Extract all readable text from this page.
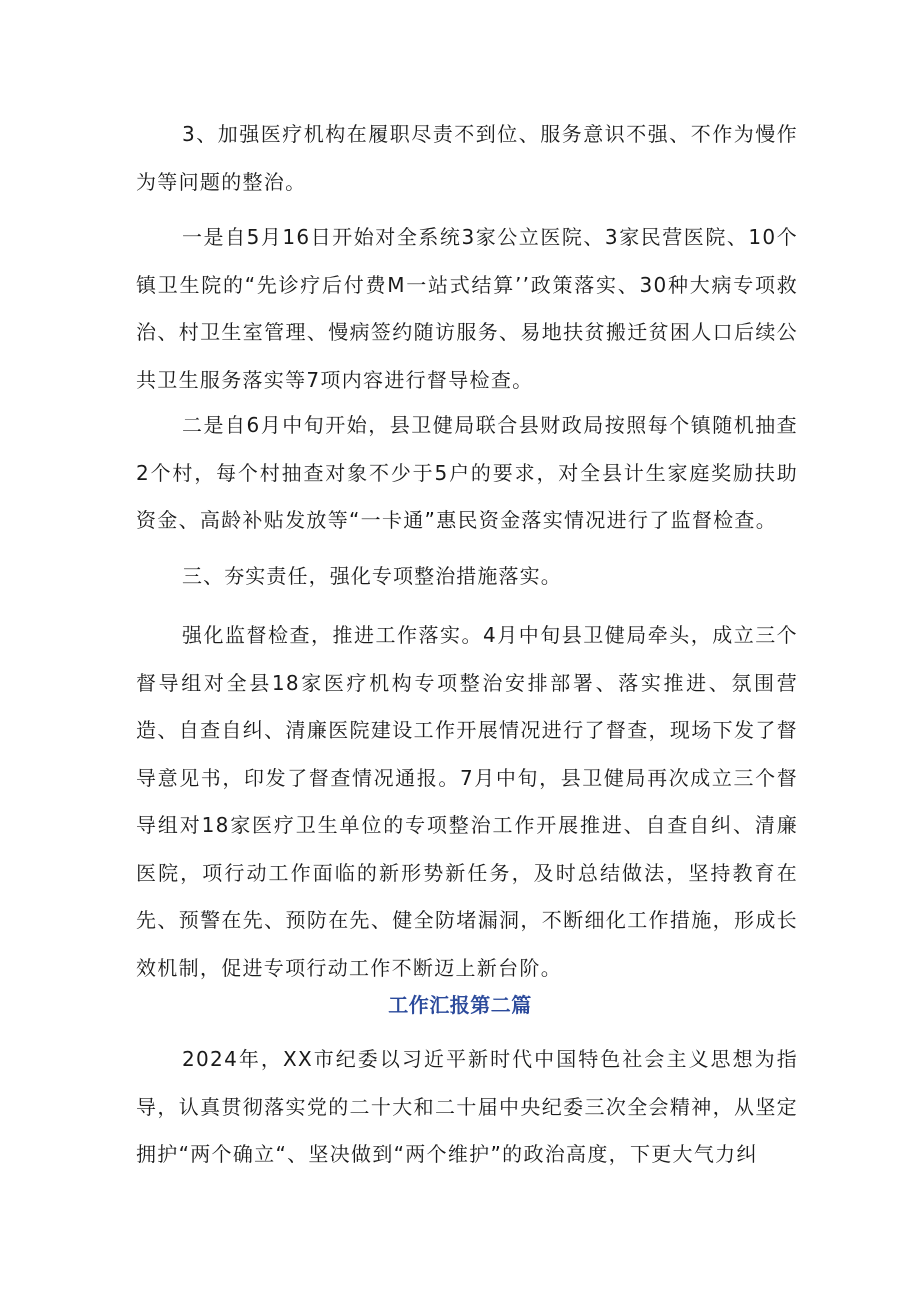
3、加强医疗机构在履职尽责不到位、服务意识不强、不作为慢作为等问题的整治。

一是自5月16日开始对全系统3家公立医院、3家民营医院、10个镇卫生院的“先诊疗后付费M一站式结算’’政策落实、30种大病专项救治、村卫生室管理、慢病签约随访服务、易地扶贫搬迁贫困人口后续公共卫生服务落实等7项内容进行督导检查。

二是自6月中旬开始，县卫健局联合县财政局按照每个镇随机抽查2个村，每个村抽查对象不少于5户的要求，对全县计生家庭奖励扶助资金、高龄补贴发放等“一卡通”惠民资金落实情况进行了监督检查。

三、夯实责任，强化专项整治措施落实。

强化监督检查，推进工作落实。4月中旬县卫健局牵头，成立三个督导组对全县18家医疗机构专项整治安排部署、落实推进、氛围营造、自查自纠、清廉医院建设工作开展情况进行了督查，现场下发了督导意见书，印发了督查情况通报。7月中旬，县卫健局再次成立三个督导组对18家医疗卫生单位的专项整治工作开展推进、自查自纠、清廉医院，项行动工作面临的新形势新任务，及时总结做法，坚持教育在先、预警在先、预防在先、健全防堵漏洞，不断细化工作措施，形成长效机制，促进专项行动工作不断迈上新台阶。

工作汇报第二篇

2024年，XX市纪委以习近平新时代中国特色社会主义思想为指导，认真贯彻落实党的二十大和二十届中央纪委三次全会精神，从坚定拥护“两个确立“、坚决做到“两个维护”的政治高度，下更大气力纠
